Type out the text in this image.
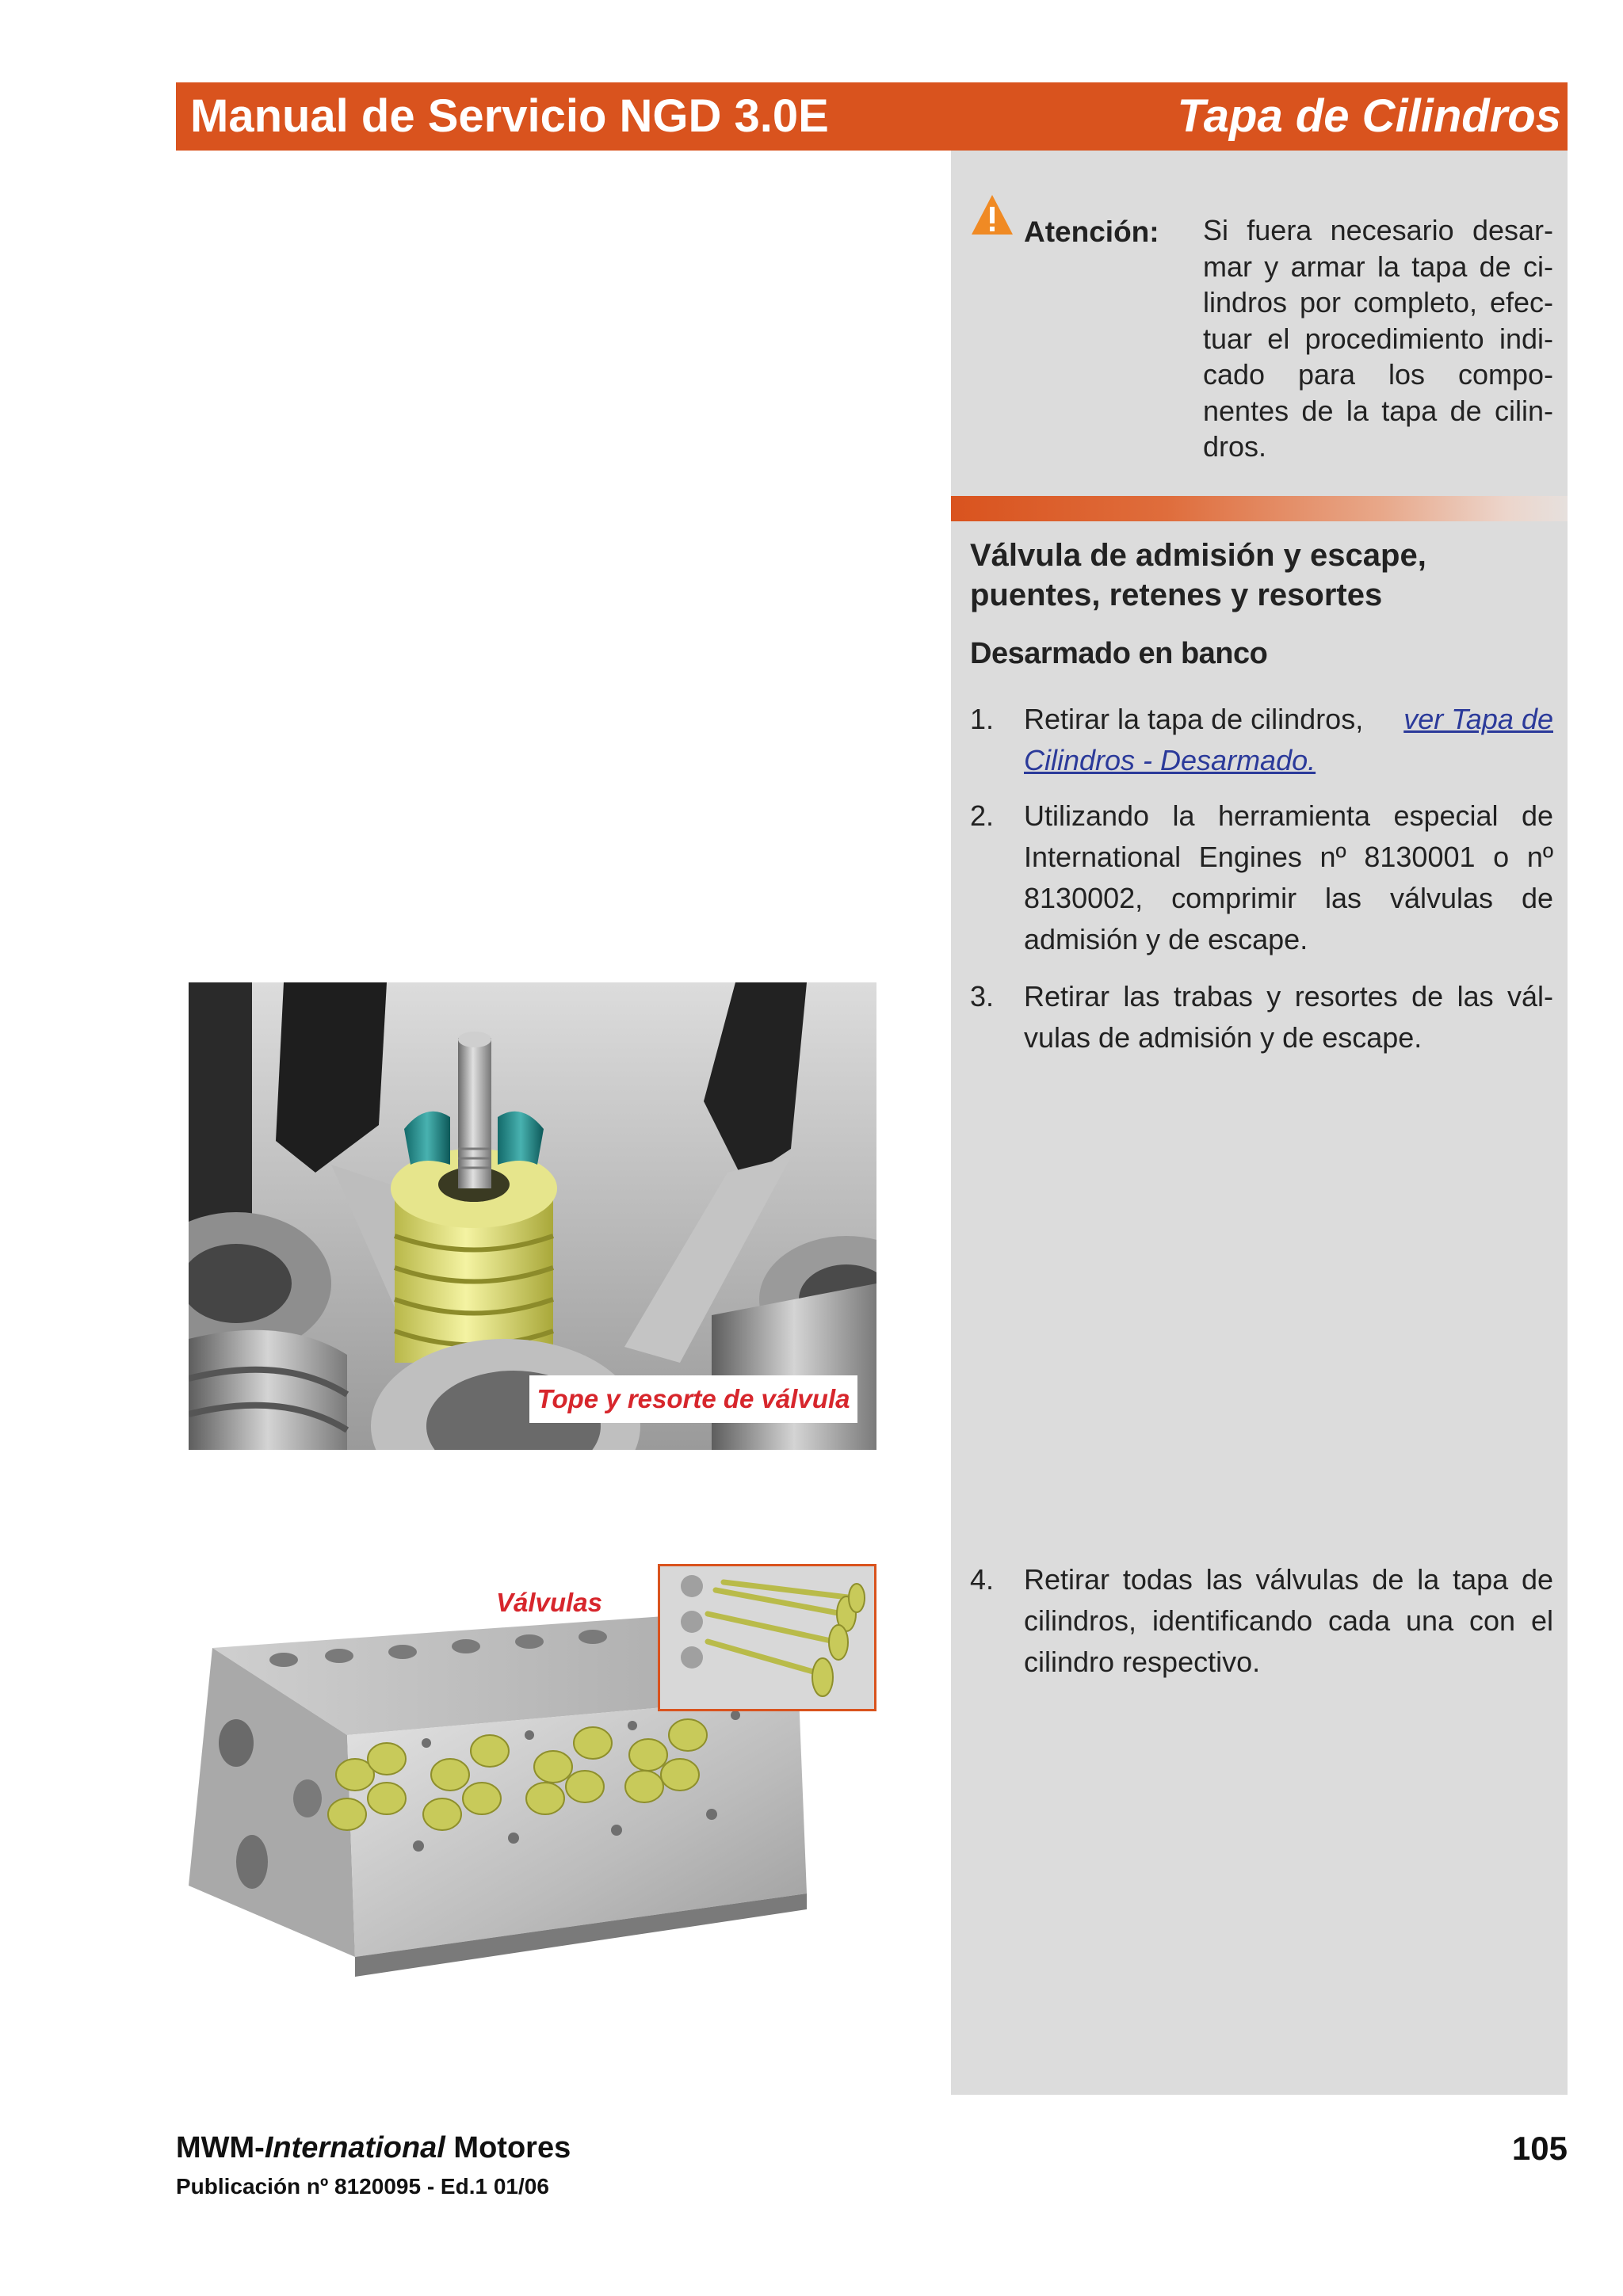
Manual de Servicio NGD 3.0E	Tapa de Cilindros
Atención: Si fuera necesario desar-
mar y armar la tapa de ci-
lindros por completo, efec-
tuar el procedimiento indi-
cado para los compo-
nentes de la tapa de cilin-
dros.
Válvula de admisión y escape,
puentes, retenes y resortes
Desarmado en banco
1. Retirar la tapa de cilindros, ver Tapa de
Cilindros - Desarmado.
2. Utilizando la herramienta especial de
International Engines nº 8130001 o nº
8130002, comprimir las válvulas de
admisión y de escape.
3. Retirar las trabas y resortes de las vál-
vulas de admisión y de escape.
4. Retirar todas las válvulas de la tapa de
cilindros, identificando cada una con el
cilindro respectivo.
Tope y resorte de válvula
Válvulas
MWM-International Motores
Publicación nº 8120095 - Ed.1 01/06
105
